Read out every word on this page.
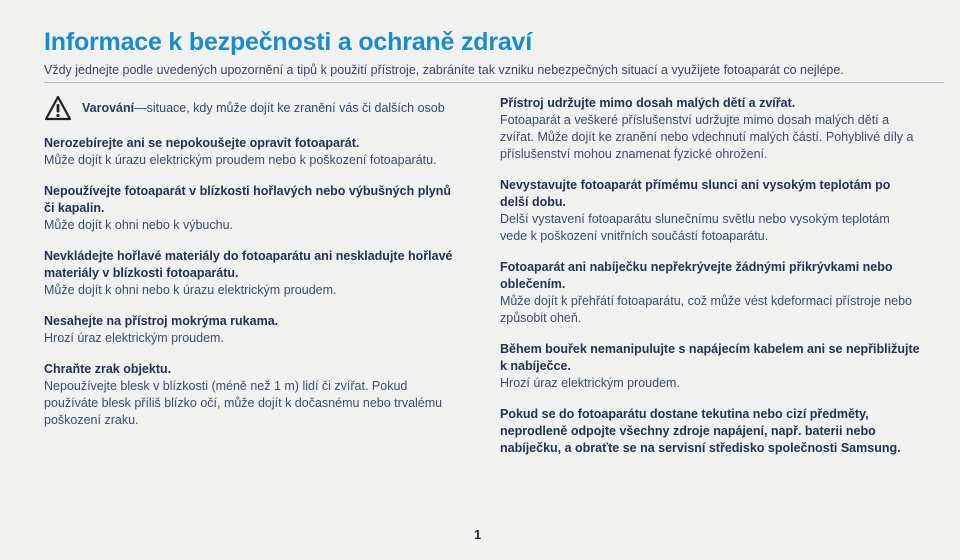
Informace k bezpečnosti a ochraně zdraví
Vždy jednejte podle uvedených upozornění a tipů k použití přístroje, zabráníte tak vzniku nebezpečných situací a využijete fotoaparát co nejlépe.
Varování—situace, kdy může dojít ke zranění vás či dalších osob
Nerozebírejte ani se nepokoušejte opravit fotoaparát.
Může dojít k úrazu elektrickým proudem nebo k poškození fotoaparátu.
Nepoužívejte fotoaparát v blízkosti hořlavých nebo výbušných plynů či kapalin.
Může dojít k ohni nebo k výbuchu.
Nevkládejte hořlavé materiály do fotoaparátu ani neskladujte hořlavé materiály v blízkosti fotoaparátu.
Může dojít k ohni nebo k úrazu elektrickým proudem.
Nesahejte na přístroj mokrýma rukama.
Hrozí úraz elektrickým proudem.
Chraňte zrak objektu.
Nepoužívejte blesk v blízkosti (méně než 1 m) lidí či zvířat. Pokud používáte blesk příliš blízko očí, může dojít k dočasnému nebo trvalému poškození zraku.
Přístroj udržujte mimo dosah malých dětí a zvířat.
Fotoaparát a veškeré příslušenství udržujte mimo dosah malých dětí a zvířat. Může dojít ke zranění nebo vdechnutí malých částí. Pohyblivé díly a příslušenství mohou znamenat fyzické ohrožení.
Nevystavujte fotoaparát přímému slunci ani vysokým teplotám po delší dobu.
Delší vystavení fotoaparátu slunečnímu světlu nebo vysokým teplotám vede k poškození vnitřních součástí fotoaparátu.
Fotoaparát ani nabíječku nepřekrývejte žádnými přikrývkami nebo oblečením.
Může dojít k přehřátí fotoaparátu, což může vést kdeformaci přístroje nebo způsobit oheň.
Během bouřek nemanipulujte s napájecím kabelem ani se nepřibližujte k nabíječce.
Hrozí úraz elektrickým proudem.
Pokud se do fotoaparátu dostane tekutina nebo cizí předměty, neprodleně odpojte všechny zdroje napájení, např. baterii nebo nabíječku, a obraťte se na servisní středisko společnosti Samsung.
1
